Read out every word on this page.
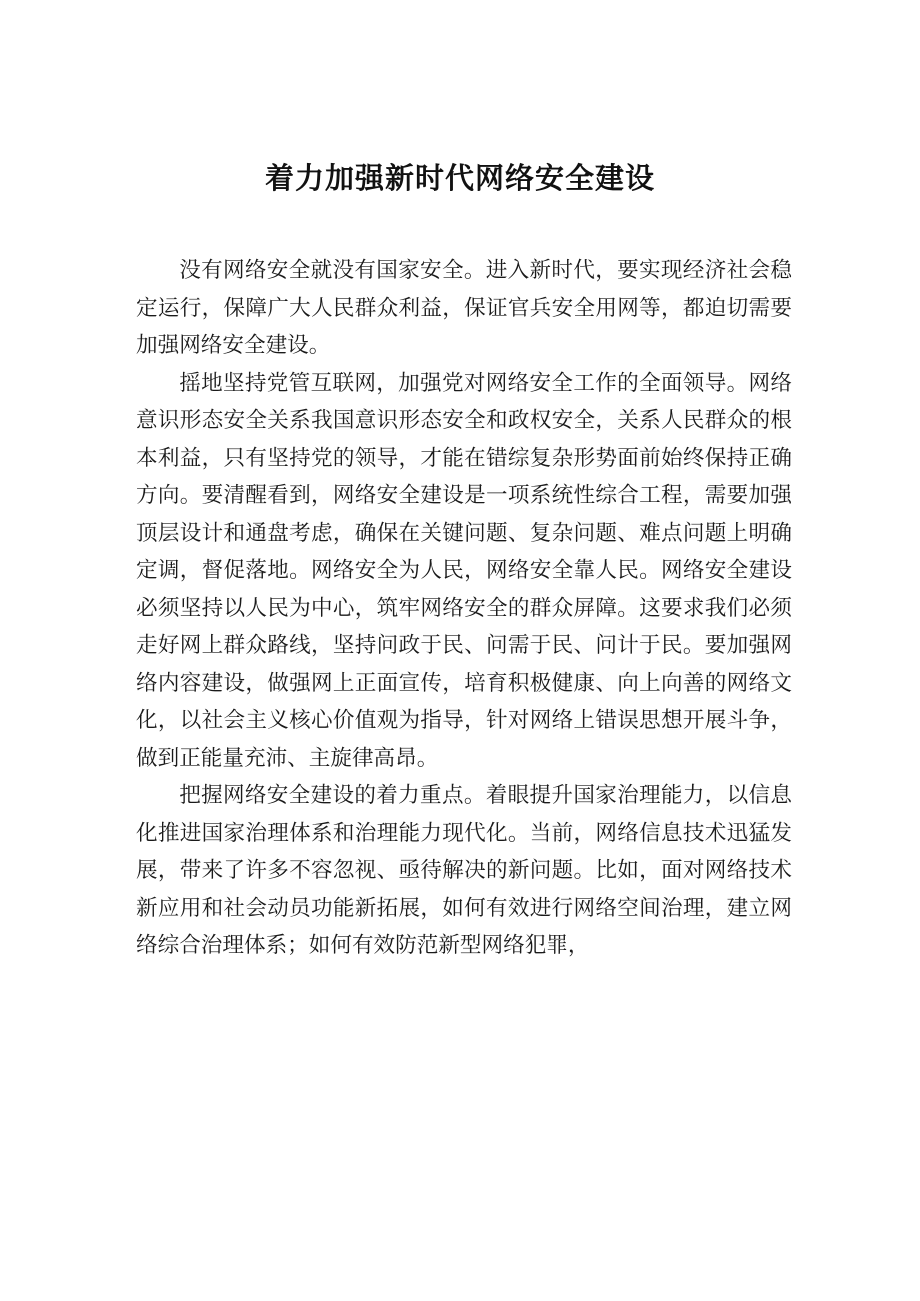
着力加强新时代网络安全建设

没有网络安全就没有国家安全。进入新时代，要实现经济社会稳定运行，保障广大人民群众利益，保证官兵安全用网等，都迫切需要加强网络安全建设。

摇地坚持党管互联网，加强党对网络安全工作的全面领导。网络意识形态安全关系我国意识形态安全和政权安全，关系人民群众的根本利益，只有坚持党的领导，才能在错综复杂形势面前始终保持正确方向。要清醒看到，网络安全建设是一项系统性综合工程，需要加强顶层设计和通盘考虑，确保在关键问题、复杂问题、难点问题上明确定调，督促落地。网络安全为人民，网络安全靠人民。网络安全建设必须坚持以人民为中心，筑牢网络安全的群众屏障。这要求我们必须走好网上群众路线，坚持问政于民、问需于民、问计于民。要加强网络内容建设，做强网上正面宣传，培育积极健康、向上向善的网络文化，以社会主义核心价值观为指导，针对网络上错误思想开展斗争，做到正能量充沛、主旋律高昂。

把握网络安全建设的着力重点。着眼提升国家治理能力，以信息化推进国家治理体系和治理能力现代化。当前，网络信息技术迅猛发展，带来了许多不容忽视、亟待解决的新问题。比如，面对网络技术新应用和社会动员功能新拓展，如何有效进行网络空间治理，建立网络综合治理体系；如何有效防范新型网络犯罪，
